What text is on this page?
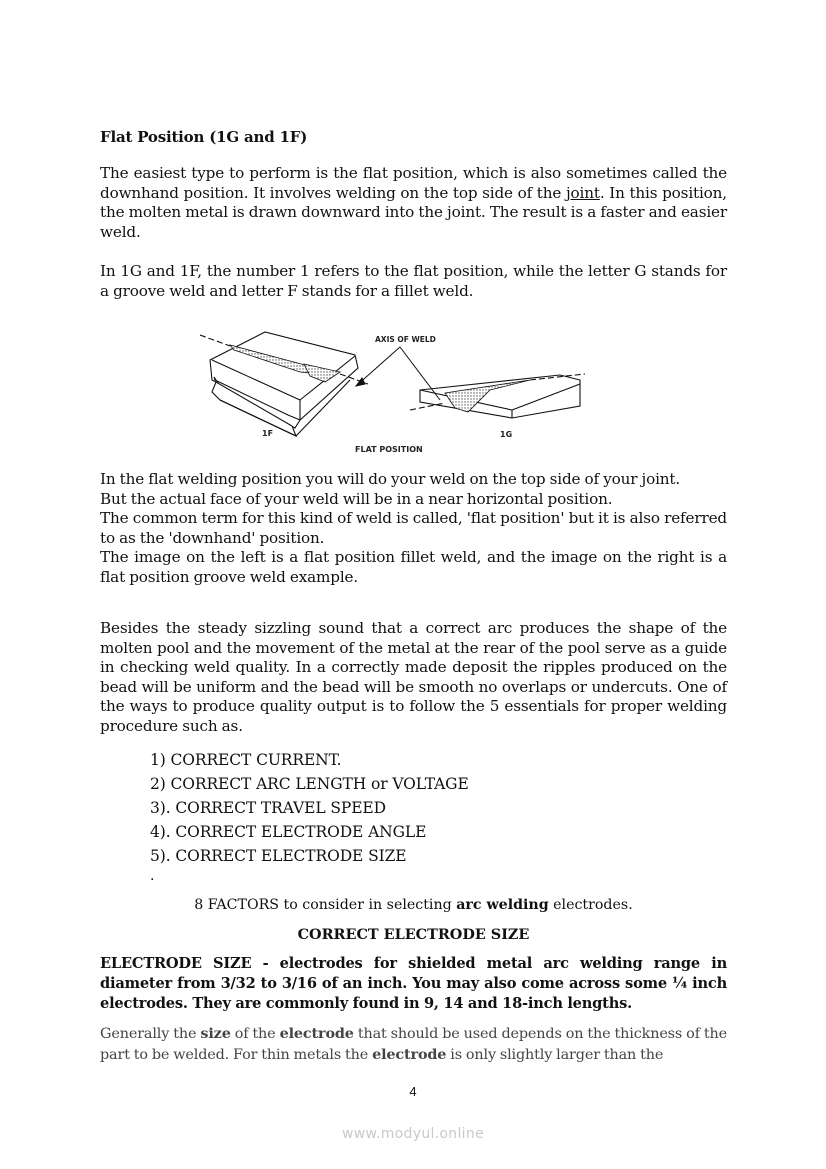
Flat Position (1G and 1F)

The easiest type to perform is the flat position, which is also sometimes called the downhand position. It involves welding on the top side of the joint. In this position, the molten metal is drawn downward into the joint. The result is a faster and easier weld.

In 1G and 1F, the number 1 refers to the flat position, while the letter G stands for a groove weld and letter F stands for a fillet weld.

In the flat welding position you will do your weld on the top side of your joint.
But the actual face of your weld will be in a near horizontal position.

The common term for this kind of weld is called, 'flat position' but it is also referred to as the 'downhand' position.
The image on the left is a flat position fillet weld, and the image on the right is a flat position groove weld example.

Besides the steady sizzling sound that a correct arc produces the shape of the molten pool and the movement of the metal at the rear of the pool serve as a guide in checking weld quality. In a correctly made deposit the ripples produced on the bead will be uniform and the bead will be smooth no overlaps or undercuts. One of the ways to produce quality output is to follow the 5 essentials for proper welding procedure such as.

1) CORRECT CURRENT.
2) CORRECT ARC LENGTH or VOLTAGE
3). CORRECT TRAVEL SPEED
4). CORRECT ELECTRODE ANGLE
5). CORRECT ELECTRODE SIZE
.
8 FACTORS to consider in selecting arc welding electrodes.
CORRECT ELECTRODE SIZE
ELECTRODE SIZE - electrodes for shielded metal arc welding range in diameter from 3/32 to 3/16 of an inch. You may also come across some ¼ inch electrodes. They are commonly found in 9, 14 and 18-inch lengths.

Generally the size of the electrode that should be used depends on the thickness of the part to be welded. For thin metals the electrode is only slightly larger than the

AXIS OF WELD
1F	1G
FLAT POSITION
4
www.modyul.online
